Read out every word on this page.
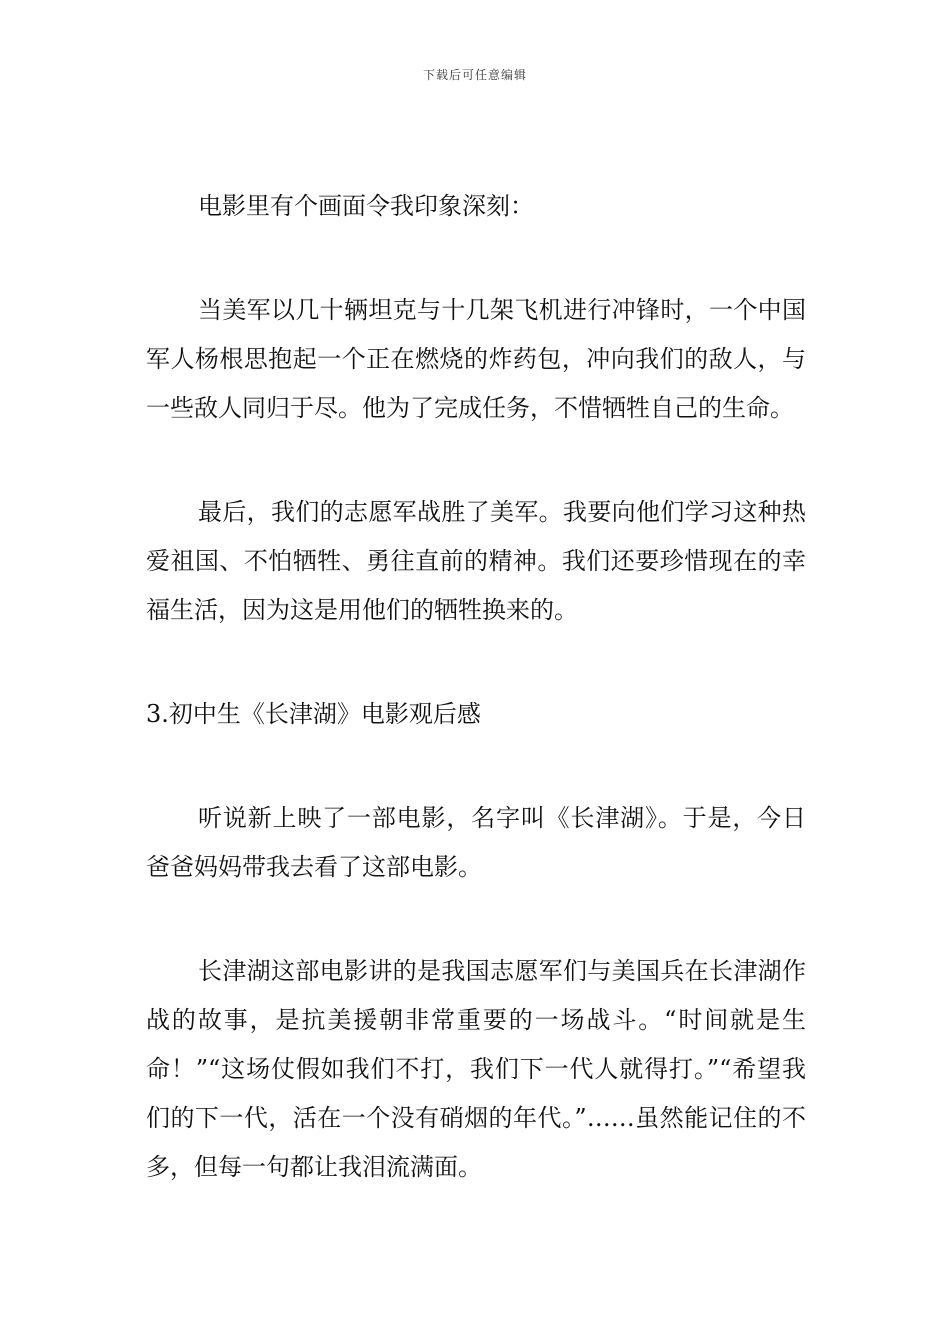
下载后可任意编辑

电影里有个画面令我印象深刻：

当美军以几十辆坦克与十几架飞机进行冲锋时，一个中国 军人杨根思抱起一个正在燃烧的炸药包，冲向我们的敌人，与一些敌人同归于尽。他为了完成任务，不惜牺牲自己的生命。

最后，我们的志愿军战胜了美军。我要向他们学习这种热爱祖国、不怕牺牲、勇往直前的精神。我们还要珍惜现在的幸福生活，因为这是用他们的牺牲换来的。

3.初中生《长津湖》电影观后感

听说新上映了一部电影，名字叫《长津湖》。于是，今日爸爸妈妈带我去看了这部电影。

长津湖这部电影讲的是我国志愿军们与美国兵在长津湖作战的故事，是抗美援朝非常重要的一场战斗。“时间就是生命！”“这场仗假如我们不打，我们下一代人就得打。”“希望我们的下一代，活在一个没有硝烟的年代。”……虽然能记住的不多，但每一句都让我泪流满面。
